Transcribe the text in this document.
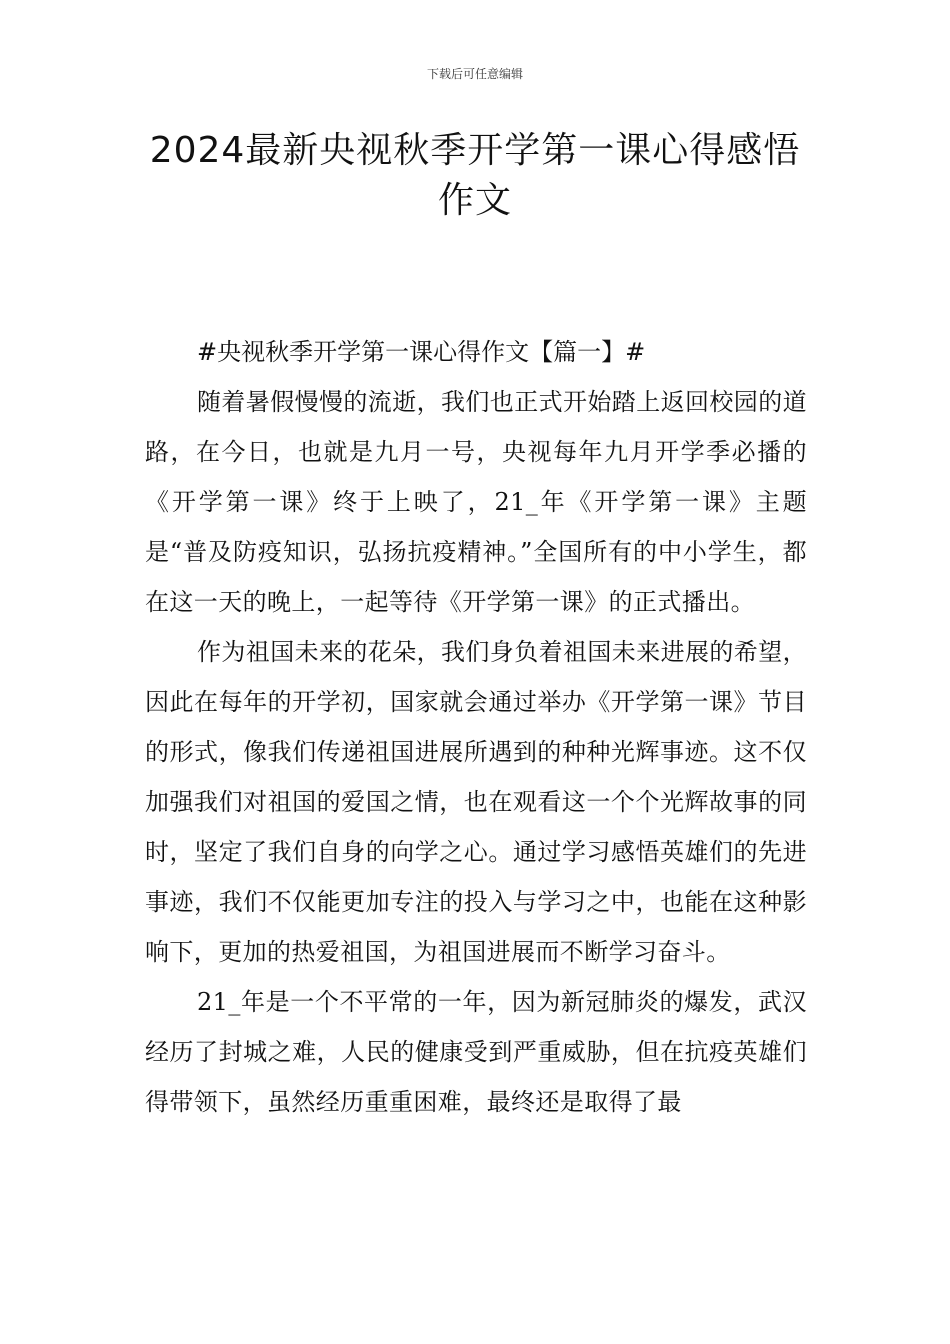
下载后可任意编辑
2024最新央视秋季开学第一课心得感悟作文

#央视秋季开学第一课心得作文【篇一】#

随着暑假慢慢的流逝，我们也正式开始踏上返回校园的道路，在今日，也就是九月一号，央视每年九月开学季必播的《开学第一课》终于上映了，21_年《开学第一课》主题是“普及防疫知识，弘扬抗疫精神。”全国所有的中小学生，都在这一天的晚上，一起等待《开学第一课》的正式播出。

作为祖国未来的花朵，我们身负着祖国未来进展的希望，因此在每年的开学初，国家就会通过举办《开学第一课》节目的形式，像我们传递祖国进展所遇到的种种光辉事迹。这不仅加强我们对祖国的爱国之情，也在观看这一个个光辉故事的同时，坚定了我们自身的向学之心。通过学习感悟英雄们的先进事迹，我们不仅能更加专注的投入与学习之中，也能在这种影响下，更加的热爱祖国，为祖国进展而不断学习奋斗。

21_年是一个不平常的一年，因为新冠肺炎的爆发，武汉经历了封城之难，人民的健康受到严重威胁，但在抗疫英雄们得带领下，虽然经历重重困难，最终还是取得了最
